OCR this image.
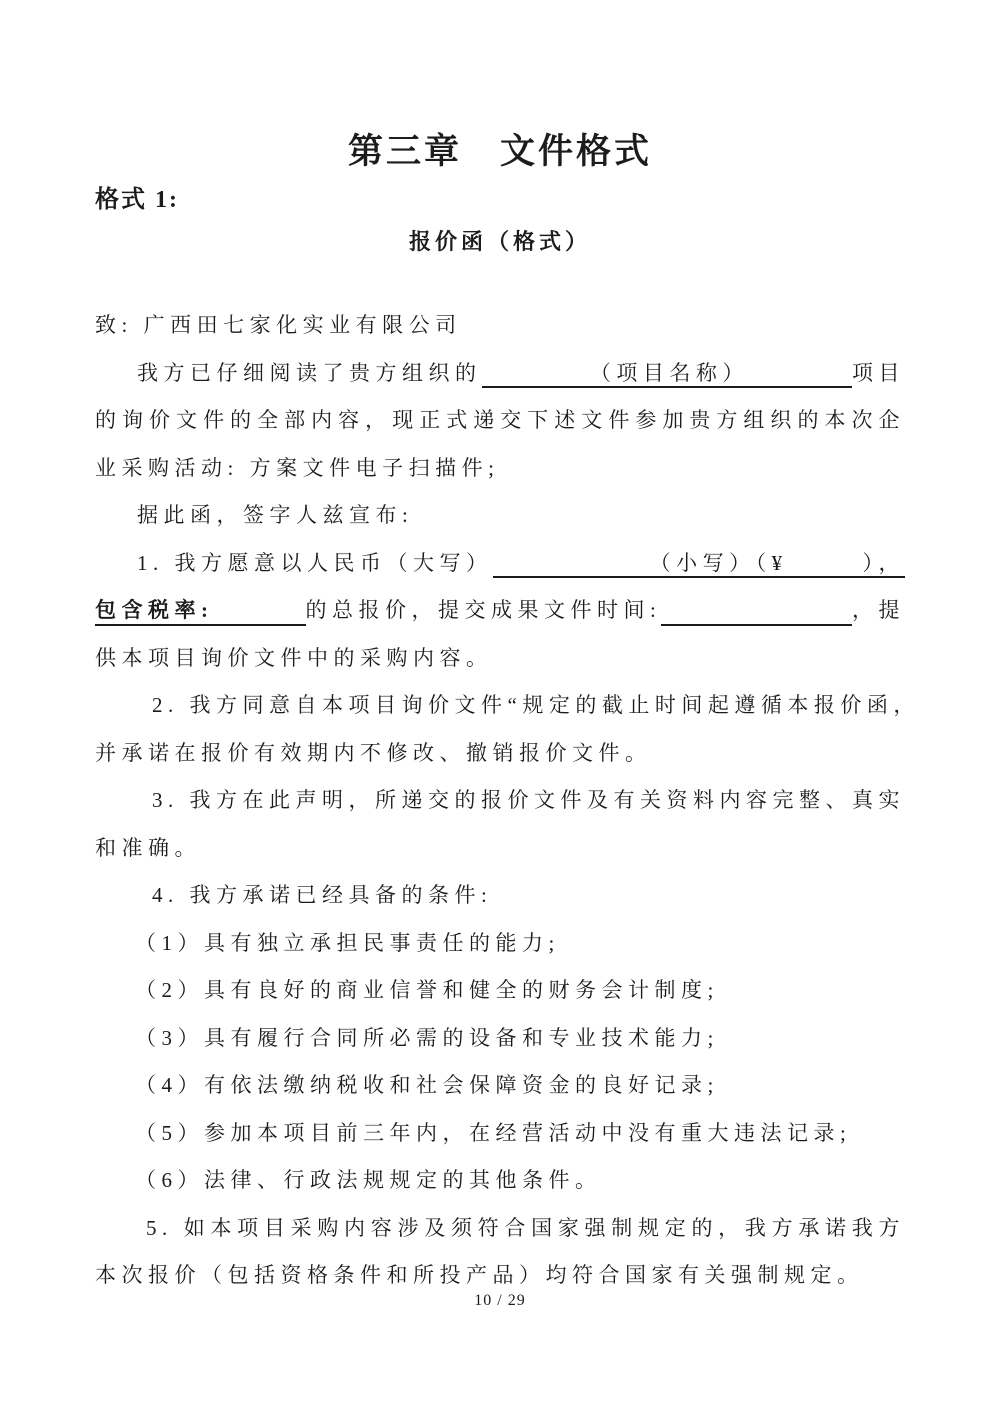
第三章　文件格式
格式 1:
报价函（格式）
致: 广西田七家化实业有限公司
我方已仔细阅读了贵方组织的	（项目名称）	项目
的询价文件的全部内容，现正式递交下述文件参加贵方组织的本次企
业采购活动: 方案文件电子扫描件;
据此函，签字人兹宣布:
1. 我方愿意以人民币（大写）	（小写）（¥	），
包含税率:	的总报价，提交成果文件时间:	，提
供本项目询价文件中的采购内容。
2. 我方同意自本项目询价文件“规定的截止时间起遵循本报价函，
并承诺在报价有效期内不修改、撤销报价文件。
3. 我方在此声明，所递交的报价文件及有关资料内容完整、真实
和准确。
4. 我方承诺已经具备的条件:
（1）具有独立承担民事责任的能力;
（2）具有良好的商业信誉和健全的财务会计制度;
（3）具有履行合同所必需的设备和专业技术能力;
（4）有依法缴纳税收和社会保障资金的良好记录;
（5）参加本项目前三年内，在经营活动中没有重大违法记录;
（6）法律、行政法规规定的其他条件。
5. 如本项目采购内容涉及须符合国家强制规定的，我方承诺我方
本次报价（包括资格条件和所投产品）均符合国家有关强制规定。
10 / 29
